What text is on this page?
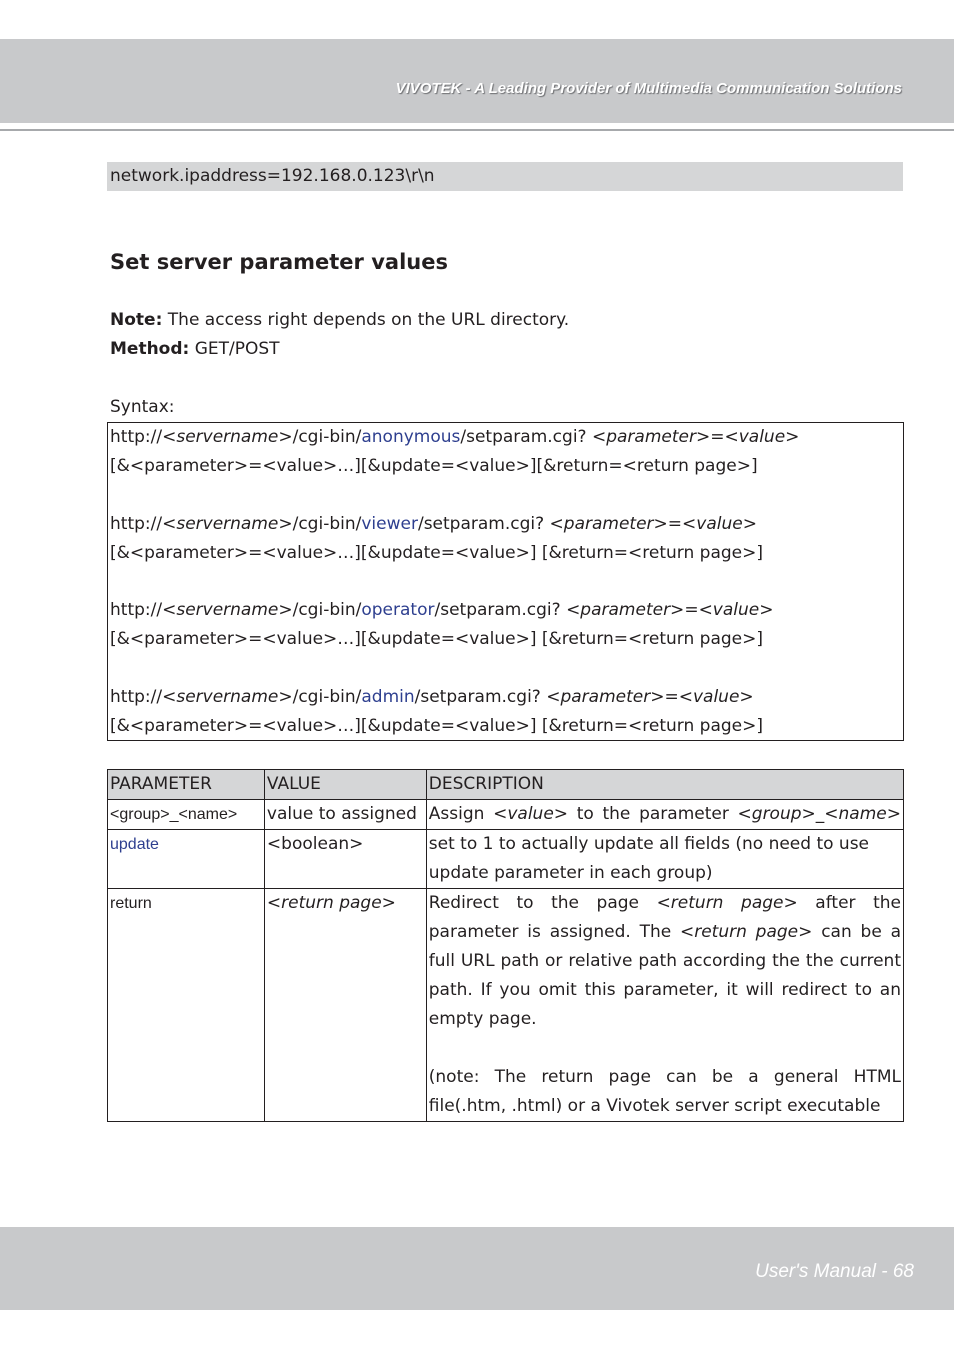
VIVOTEK - A Leading Provider of Multimedia Communication Solutions
network.ipaddress=192.168.0.123\r\n
Set server parameter values
Note: The access right depends on the URL directory.
Method: GET/POST
Syntax:
http://<servername>/cgi-bin/anonymous/setparam.cgi? <parameter>=<value>
[&<parameter>=<value>…][&update=<value>][&return=<return page>]
http://<servername>/cgi-bin/viewer/setparam.cgi? <parameter>=<value>
[&<parameter>=<value>…][&update=<value>] [&return=<return page>]
http://<servername>/cgi-bin/operator/setparam.cgi? <parameter>=<value>
[&<parameter>=<value>…][&update=<value>] [&return=<return page>]
http://<servername>/cgi-bin/admin/setparam.cgi? <parameter>=<value>
[&<parameter>=<value>…][&update=<value>] [&return=<return page>]
PARAMETER	VALUE	DESCRIPTION
<group>_<name>	value to assigned	Assign <value> to the parameter <group>_<name>
update	<boolean>	set to 1 to actually update all fields (no need to use update parameter in each group)
return	<return page>	Redirect to the page <return page> after the parameter is assigned. The <return page> can be a full URL path or relative path according the the current path. If you omit this parameter, it will redirect to an empty page.
(note: The return page can be a general HTML file(.htm, .html) or a Vivotek server script executable
User's Manual - 68
